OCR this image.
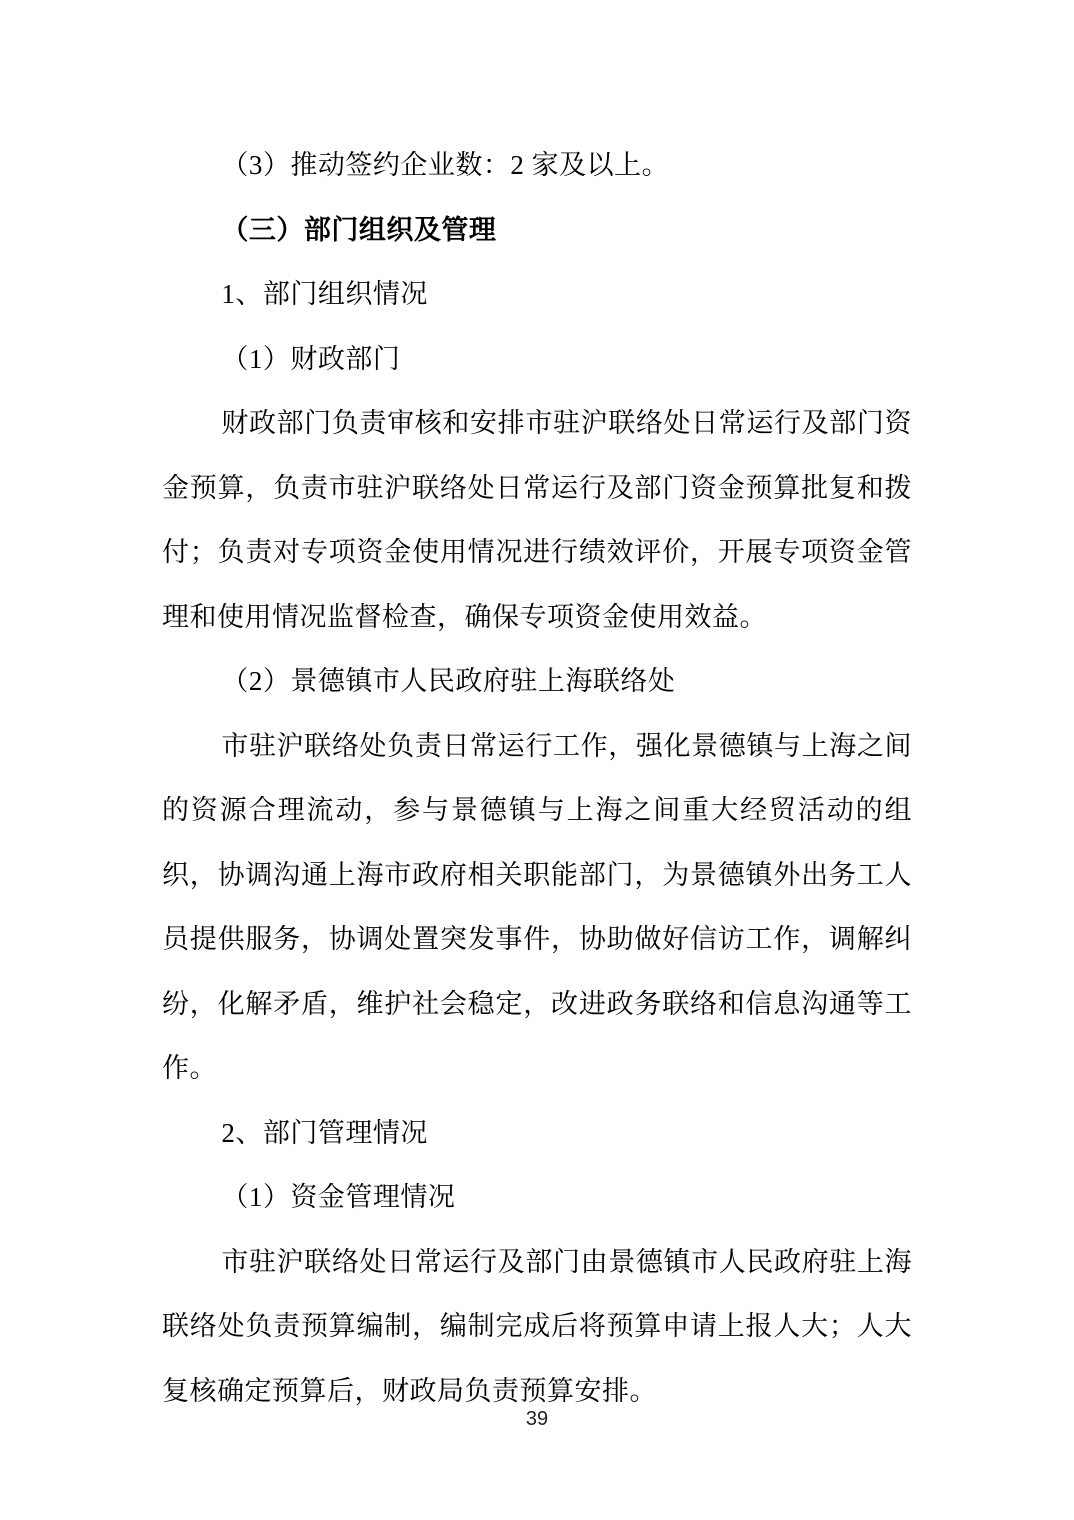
（3）推动签约企业数：2 家及以上。

（三）部门组织及管理

1、部门组织情况

（1）财政部门

财政部门负责审核和安排市驻沪联络处日常运行及部门资金预算，负责市驻沪联络处日常运行及部门资金预算批复和拨付；负责对专项资金使用情况进行绩效评价，开展专项资金管理和使用情况监督检查，确保专项资金使用效益。

（2）景德镇市人民政府驻上海联络处

市驻沪联络处负责日常运行工作，强化景德镇与上海之间的资源合理流动，参与景德镇与上海之间重大经贸活动的组织，协调沟通上海市政府相关职能部门，为景德镇外出务工人员提供服务，协调处置突发事件，协助做好信访工作，调解纠纷，化解矛盾，维护社会稳定，改进政务联络和信息沟通等工作。

2、部门管理情况

（1）资金管理情况

市驻沪联络处日常运行及部门由景德镇市人民政府驻上海联络处负责预算编制，编制完成后将预算申请上报人大；人大复核确定预算后，财政局负责预算安排。

39
